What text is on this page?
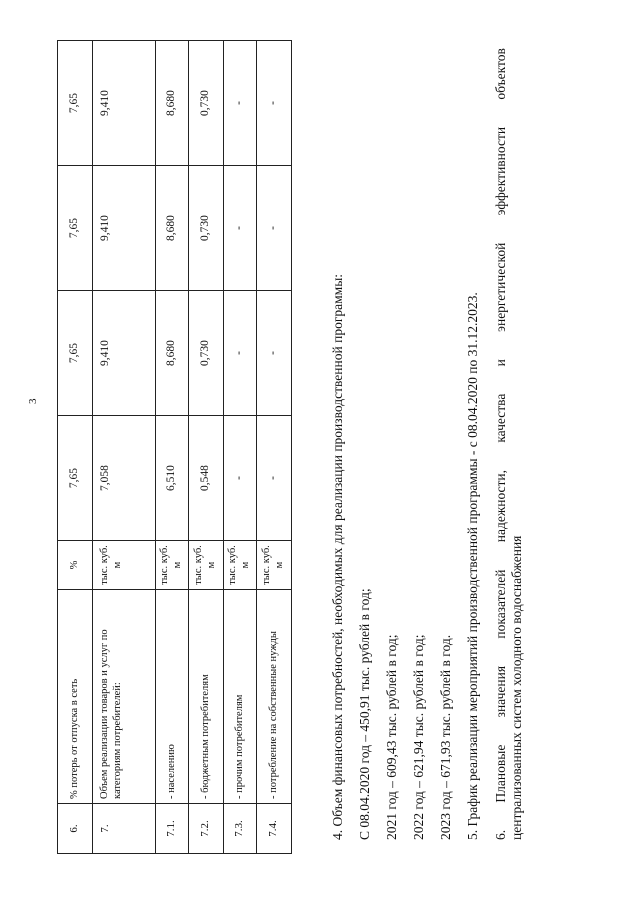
3
6.	% потерь от отпуска в сеть	%	7,65	7,65	7,65	7,65
7.	Объем реализации товаров и услуг по категориям потребителей:	тыс. куб. м	7,058	9,410	9,410	9,410
7.1.	- населению	тыс. куб. м	6,510	8,680	8,680	8,680
7.2.	- бюджетным потребителям	тыс. куб. м	0,548	0,730	0,730	0,730
7.3.	- прочим потребителям	тыс. куб. м	-	-	-	-
7.4.	- потребление на собственные нужды	тыс. куб. м	-	-	-	-

4. Объем финансовых потребностей, необходимых для реализации производственной программы: С 08.04.2020 год – 450,91 тыс. рублей в год; 2021 год – 609,43 тыс. рублей в год; 2022 год – 621,94 тыс. рублей в год; 2023 год – 671,93 тыс. рублей в год. 5. График реализации мероприятий производственной программы - с 08.04.2020 по 31.12.2023. 6.
Плановые
значения
показателей
надежности,
качества
и
энергетической
эффективности
объектов

централизованных систем холодного водоснабжения
